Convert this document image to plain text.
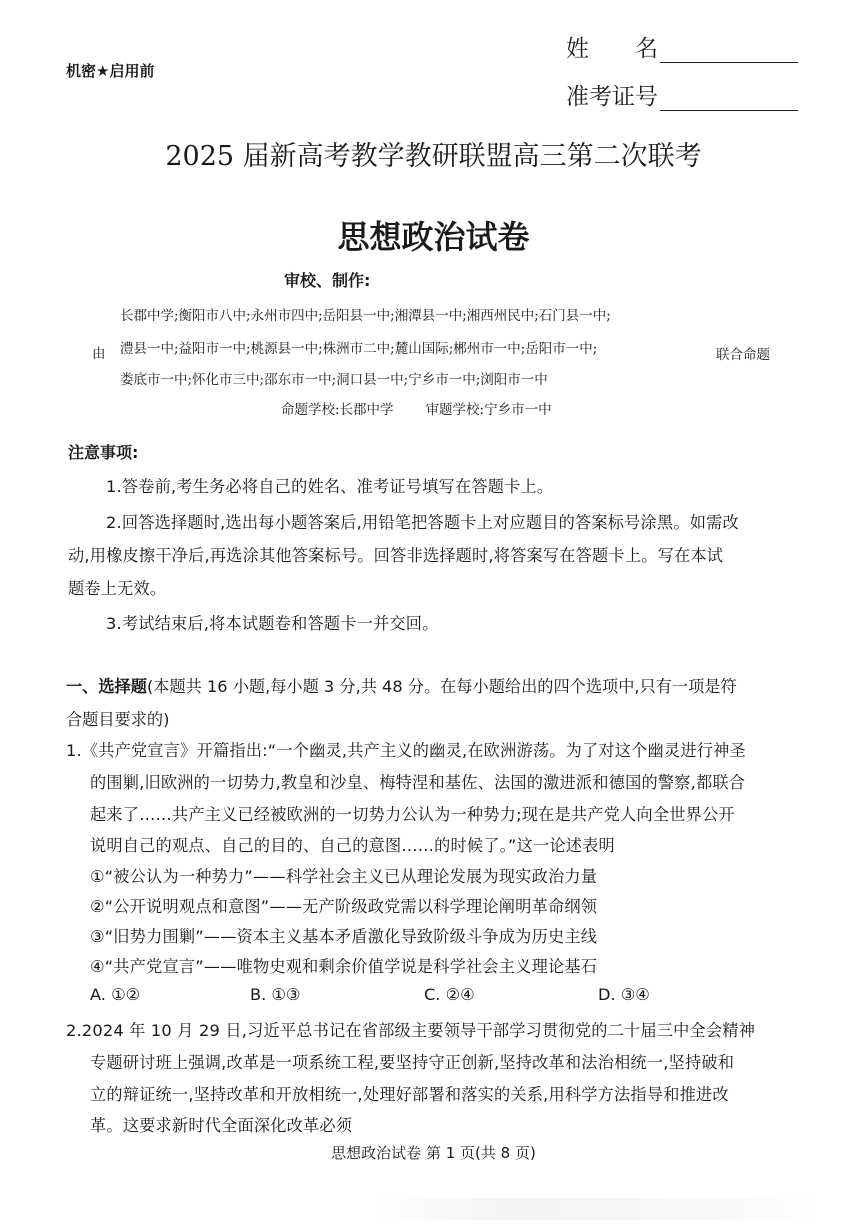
机密★启用前
姓名
准考证号
2025 届新高考教学教研联盟高三第二次联考
思想政治试卷
审校、制作:
长郡中学;衡阳市八中;永州市四中;岳阳县一中;湘潭县一中;湘西州民中;石门县一中;
由 澧县一中;益阳市一中;桃源县一中;株洲市二中;麓山国际;郴州市一中;岳阳市一中;	联合命题
娄底市一中;怀化市三中;邵东市一中;洞口县一中;宁乡市一中;浏阳市一中
命题学校:长郡中学 审题学校:宁乡市一中
注意事项:
1.答卷前,考生务必将自己的姓名、准考证号填写在答题卡上。
2.回答选择题时,选出每小题答案后,用铅笔把答题卡上对应题目的答案标号涂黑。如需改
动,用橡皮擦干净后,再选涂其他答案标号。回答非选择题时,将答案写在答题卡上。写在本试
题卷上无效。
3.考试结束后,将本试题卷和答题卡一并交回。
一、选择题(本题共 16 小题,每小题 3 分,共 48 分。在每小题给出的四个选项中,只有一项是符
合题目要求的)
1.《共产党宣言》开篇指出:“一个幽灵,共产主义的幽灵,在欧洲游荡。为了对这个幽灵进行神圣
的围剿,旧欧洲的一切势力,教皇和沙皇、梅特涅和基佐、法国的激进派和德国的警察,都联合
起来了……共产主义已经被欧洲的一切势力公认为一种势力;现在是共产党人向全世界公开
说明自己的观点、自己的目的、自己的意图……的时候了。”这一论述表明
①“被公认为一种势力”——科学社会主义已从理论发展为现实政治力量
②“公开说明观点和意图”——无产阶级政党需以科学理论阐明革命纲领
③“旧势力围剿”——资本主义基本矛盾激化导致阶级斗争成为历史主线
④“共产党宣言”——唯物史观和剩余价值学说是科学社会主义理论基石
A. ①②	B. ①③	C. ②④	D. ③④
2.2024 年 10 月 29 日,习近平总书记在省部级主要领导干部学习贯彻党的二十届三中全会精神
专题研讨班上强调,改革是一项系统工程,要坚持守正创新,坚持改革和法治相统一,坚持破和
立的辩证统一,坚持改革和开放相统一,处理好部署和落实的关系,用科学方法指导和推进改
革。这要求新时代全面深化改革必须
思想政治试卷 第 1 页(共 8 页)
